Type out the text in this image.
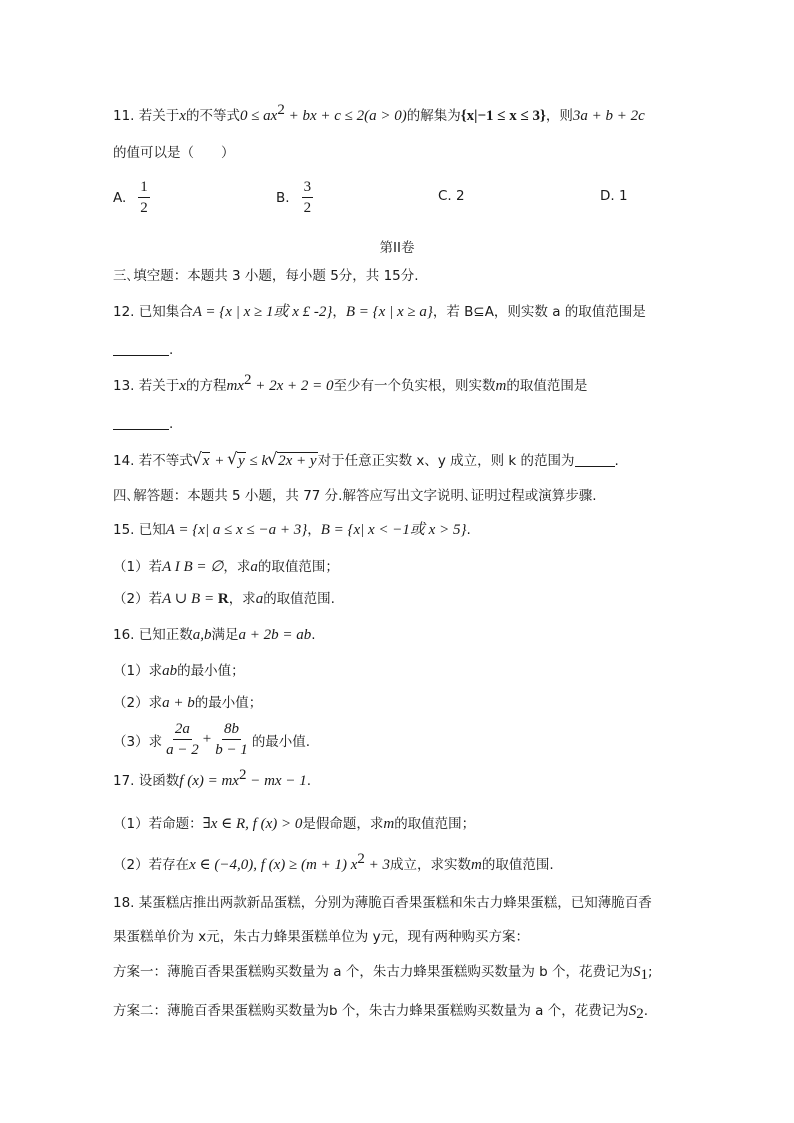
11. 若关于x的不等式$0 \le ax^2$ + bx + c ≤ 2(a > 0)的解集为{x|−1 ≤ x ≤ 3}，则3a + b + 2c
的值可以是（　　）
A. $\frac{1}{2}$	B. $\frac{3}{2}$	C. 2	D. 1
第II卷
三､填空题：本题共 3 小题，每小题 5分，共 15分.
12. 已知集合A = {x | x ≥ 1或 x £ -2}，B = {x | x ≥ a}，若 B⊆A，则实数 a 的取值范围是
.
13. 若关于x的方程$mx^2 + 2x + 2 = 0$至少有一个负实根，则实数m的取值范围是
.
14. 若不等式 √ x + √ y ≤ k √ 2x + y对于任意正实数 x、y 成立，则 k 的范围为	.
四､解答题：本题共 5 小题，共 77 分.解答应写出文字说明､证明过程或演算步骤.
15. 已知A = {x| a ≤ x ≤ −a + 3}，B = {x| x < −1或 x > 5}.
（1）若A I B = ∅，求a的取值范围；
（2）若A ∪ B = R，求a的取值范围.
16. 已知正数a,b满足a + 2b = ab.
（1）求ab的最小值；
（2）求a + b的最小值；
（3）求 $\frac{2a}{a - 2} + \frac{8b}{b - 1}$ 的最小值.
17. 设函数f $(x) = mx^2$ − mx − 1.
（1）若命题：∃x ∈ R, f (x) > 0是假命题，求m的取值范围；
（2）若存在x ∈ (−4,0), f (x) ≥ (m + 1) $x^2 + 3$成立，求实数m的取值范围.
18. 某蛋糕店推出两款新品蛋糕，分别为薄脆百香果蛋糕和朱古力蜂果蛋糕，已知薄脆百香
果蛋糕单价为 x元，朱古力蜂果蛋糕单位为 y元，现有两种购买方案：
方案一：薄脆百香果蛋糕购买数量为 a 个，朱古力蜂果蛋糕购买数量为 b 个，花费记为$S_1$;
方案二：薄脆百香果蛋糕购买数量为b 个，朱古力蜂果蛋糕购买数量为 a 个，花费记为$S_2$.
